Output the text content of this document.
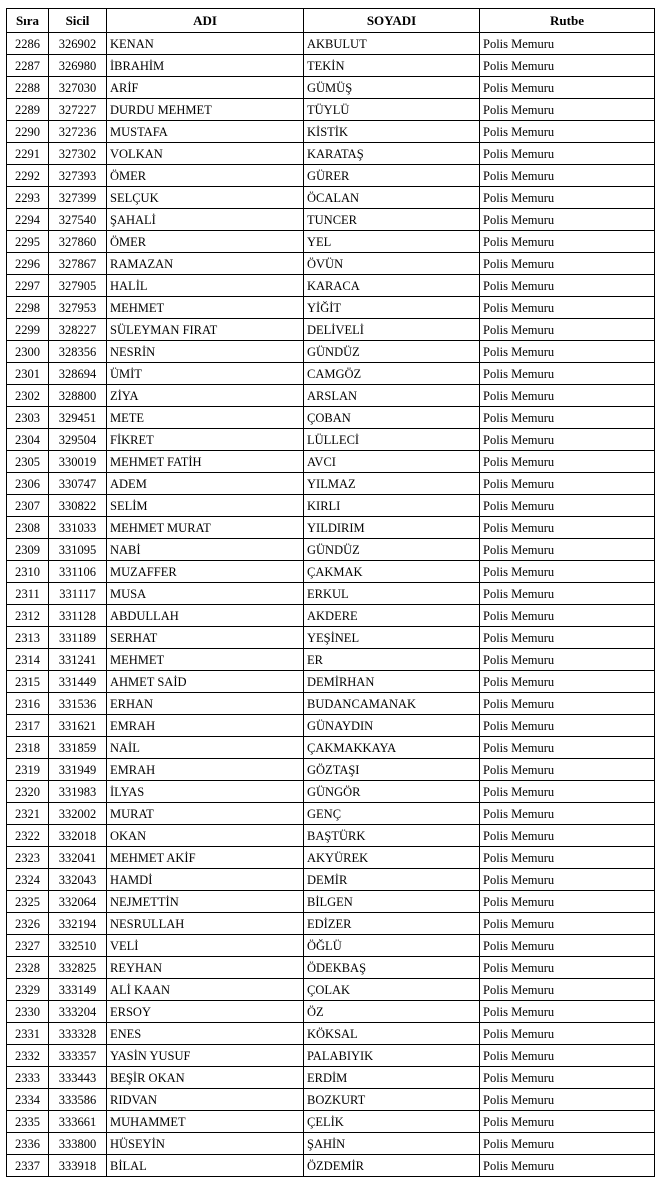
Sıra	Sicil	ADI	SOYADI	Rutbe
2286	326902	KENAN	AKBULUT	Polis Memuru
2287	326980	İBRAHİM	TEKİN	Polis Memuru
2288	327030	ARİF	GÜMÜŞ	Polis Memuru
2289	327227	DURDU MEHMET	TÜYLÜ	Polis Memuru
2290	327236	MUSTAFA	KİSTİK	Polis Memuru
2291	327302	VOLKAN	KARATAŞ	Polis Memuru
2292	327393	ÖMER	GÜRER	Polis Memuru
2293	327399	SELÇUK	ÖCALAN	Polis Memuru
2294	327540	ŞAHALİ	TUNCER	Polis Memuru
2295	327860	ÖMER	YEL	Polis Memuru
2296	327867	RAMAZAN	ÖVÜN	Polis Memuru
2297	327905	HALİL	KARACA	Polis Memuru
2298	327953	MEHMET	YİĞİT	Polis Memuru
2299	328227	SÜLEYMAN FIRAT	DELİVELİ	Polis Memuru
2300	328356	NESRİN	GÜNDÜZ	Polis Memuru
2301	328694	ÜMİT	CAMGÖZ	Polis Memuru
2302	328800	ZİYA	ARSLAN	Polis Memuru
2303	329451	METE	ÇOBAN	Polis Memuru
2304	329504	FİKRET	LÜLLECİ	Polis Memuru
2305	330019	MEHMET FATİH	AVCI	Polis Memuru
2306	330747	ADEM	YILMAZ	Polis Memuru
2307	330822	SELİM	KIRLI	Polis Memuru
2308	331033	MEHMET MURAT	YILDIRIM	Polis Memuru
2309	331095	NABİ	GÜNDÜZ	Polis Memuru
2310	331106	MUZAFFER	ÇAKMAK	Polis Memuru
2311	331117	MUSA	ERKUL	Polis Memuru
2312	331128	ABDULLAH	AKDERE	Polis Memuru
2313	331189	SERHAT	YEŞİNEL	Polis Memuru
2314	331241	MEHMET	ER	Polis Memuru
2315	331449	AHMET SAİD	DEMİRHAN	Polis Memuru
2316	331536	ERHAN	BUDANCAMANAK	Polis Memuru
2317	331621	EMRAH	GÜNAYDIN	Polis Memuru
2318	331859	NAİL	ÇAKMAKKAYA	Polis Memuru
2319	331949	EMRAH	GÖZTAŞI	Polis Memuru
2320	331983	İLYAS	GÜNGÖR	Polis Memuru
2321	332002	MURAT	GENÇ	Polis Memuru
2322	332018	OKAN	BAŞTÜRK	Polis Memuru
2323	332041	MEHMET AKİF	AKYÜREK	Polis Memuru
2324	332043	HAMDİ	DEMİR	Polis Memuru
2325	332064	NEJMETTİN	BİLGEN	Polis Memuru
2326	332194	NESRULLAH	EDİZER	Polis Memuru
2327	332510	VELİ	ÖĞLÜ	Polis Memuru
2328	332825	REYHAN	ÖDEKBAŞ	Polis Memuru
2329	333149	ALİ KAAN	ÇOLAK	Polis Memuru
2330	333204	ERSOY	ÖZ	Polis Memuru
2331	333328	ENES	KÖKSAL	Polis Memuru
2332	333357	YASİN YUSUF	PALABIYIK	Polis Memuru
2333	333443	BEŞİR OKAN	ERDİM	Polis Memuru
2334	333586	RIDVAN	BOZKURT	Polis Memuru
2335	333661	MUHAMMET	ÇELİK	Polis Memuru
2336	333800	HÜSEYİN	ŞAHİN	Polis Memuru
2337	333918	BİLAL	ÖZDEMİR	Polis Memuru
